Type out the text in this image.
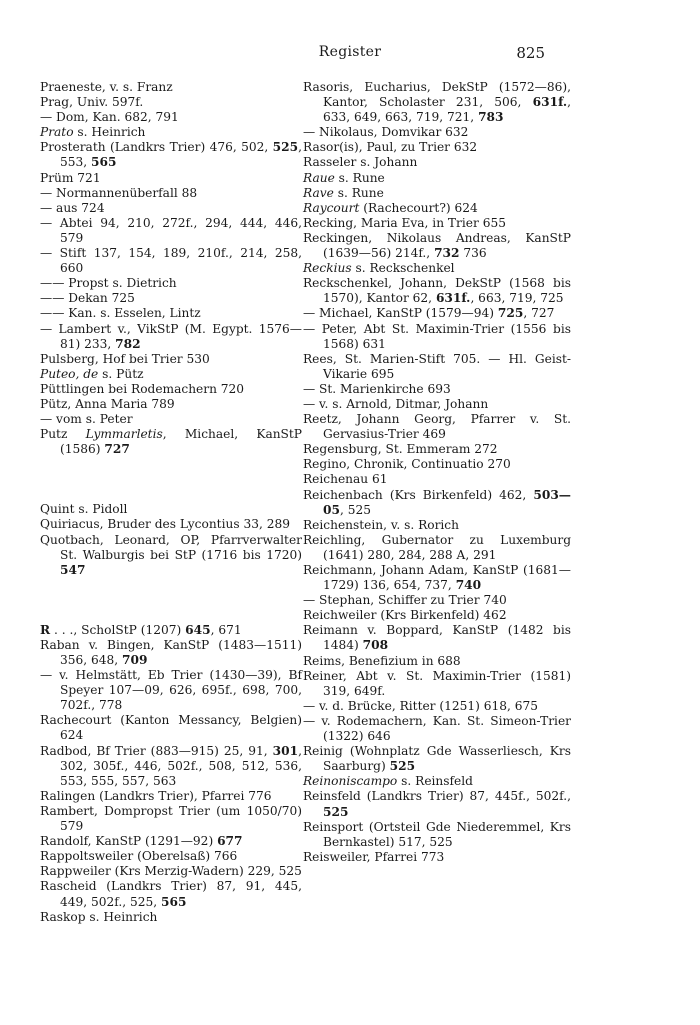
Register	825
Praeneste, v. s. Franz
Prag, Univ. 597f.
— Dom, Kan. 682, 791
Prato s. Heinrich
Prosterath (Landkrs Trier) 476, 502, 525, 553, 565
Prüm 721
— Normannenüberfall 88
— aus 724
— Abtei 94, 210, 272f., 294, 444, 446, 579
— Stift 137, 154, 189, 210f., 214, 258, 660
—— Propst s. Dietrich
—— Dekan 725
—— Kan. s. Esselen, Lintz
— Lambert v., VikStP (M. Egypt. 1576—81) 233, 782
Pulsberg, Hof bei Trier 530
Puteo, de s. Pütz
Püttlingen bei Rodemachern 720
Pütz, Anna Maria 789
— vom s. Peter
Putz Lymmarletis, Michael, KanStP (1586) 727
Quint s. Pidoll
Quiriacus, Bruder des Lycontius 33, 289
Quotbach, Leonard, OP, Pfarrverwalter St. Walburgis bei StP (1716 bis 1720) 547
R . . ., ScholStP (1207) 645, 671
Raban v. Bingen, KanStP (1483—1511) 356, 648, 709
— v. Helmstätt, Eb Trier (1430—39), Bf Speyer 107—09, 626, 695f., 698, 700, 702f., 778
Rachecourt (Kanton Messancy, Belgien) 624
Radbod, Bf Trier (883—915) 25, 91, 301, 302, 305f., 446, 502f., 508, 512, 536, 553, 555, 557, 563
Ralingen (Landkrs Trier), Pfarrei 776
Rambert, Dompropst Trier (um 1050/70) 579
Randolf, KanStP (1291—92) 677
Rappoltsweiler (Oberelsaß) 766
Rappweiler (Krs Merzig-Wadern) 229, 525
Rascheid (Landkrs Trier) 87, 91, 445, 449, 502f., 525, 565
Raskop s. Heinrich
Rasoris, Eucharius, DekStP (1572—86), Kantor, Scholaster 231, 506, 631f., 633, 649, 663, 719, 721, 783
— Nikolaus, Domvikar 632
Rasor(is), Paul, zu Trier 632
Rasseler s. Johann
Raue s. Rune
Rave s. Rune
Raycourt (Rachecourt?) 624
Recking, Maria Eva, in Trier 655
Reckingen, Nikolaus Andreas, KanStP (1639—56) 214f., 732 736
Reckius s. Reckschenkel
Reckschenkel, Johann, DekStP (1568 bis 1570), Kantor 62, 631f., 663, 719, 725
— Michael, KanStP (1579—94) 725, 727
— Peter, Abt St. Maximin-Trier (1556 bis 1568) 631
Rees, St. Marien-Stift 705. — Hl. Geist-Vikarie 695
— St. Marienkirche 693
— v. s. Arnold, Ditmar, Johann
Reetz, Johann Georg, Pfarrer v. St. Gervasius-Trier 469
Regensburg, St. Emmeram 272
Regino, Chronik, Continuatio 270
Reichenau 61
Reichenbach (Krs Birkenfeld) 462, 503—05, 525
Reichenstein, v. s. Rorich
Reichling, Gubernator zu Luxemburg (1641) 280, 284, 288 A, 291
Reichmann, Johann Adam, KanStP (1681—1729) 136, 654, 737, 740
— Stephan, Schiffer zu Trier 740
Reichweiler (Krs Birkenfeld) 462
Reimann v. Boppard, KanStP (1482 bis 1484) 708
Reims, Benefizium in 688
Reiner, Abt v. St. Maximin-Trier (1581) 319, 649f.
— v. d. Brücke, Ritter (1251) 618, 675
— v. Rodemachern, Kan. St. Simeon-Trier (1322) 646
Reinig (Wohnplatz Gde Wasserliesch, Krs Saarburg) 525
Reinoniscampo s. Reinsfeld
Reinsfeld (Landkrs Trier) 87, 445f., 502f., 525
Reinsport (Ortsteil Gde Niederemmel, Krs Bernkastel) 517, 525
Reisweiler, Pfarrei 773
